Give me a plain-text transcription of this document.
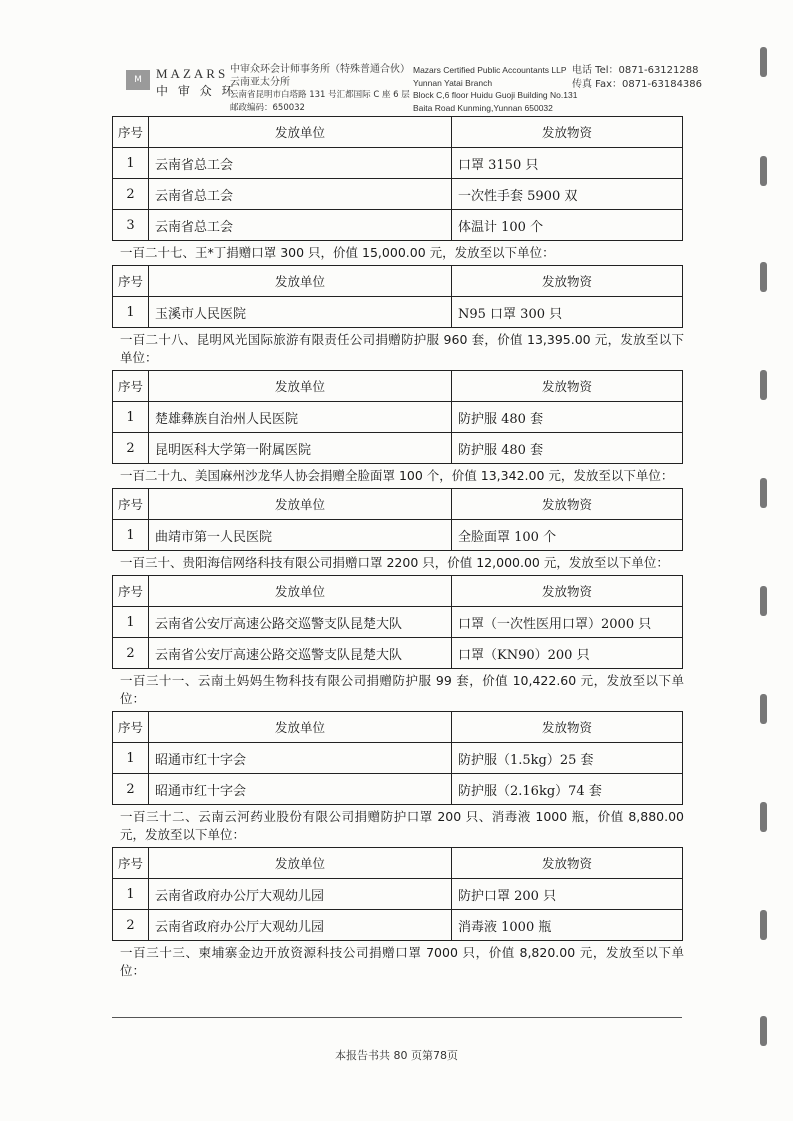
M	MAZARS
中 审 众 环
中审众环会计师事务所（特殊普通合伙）
云南亚太分所
云南省昆明市白塔路 131 号汇都国际 C 座 6 层
邮政编码：650032
Mazars Certified Public Accountants LLP
Yunnan Yatai Branch
Block C,6 floor Huidu Guoji Building No.131
Baita Road Kunming,Yunnan 650032
电话 Tel：0871-63121288
传真 Fax：0871-63184386
序号	发放单位	发放物资
1	云南省总工会	口罩 3150 只
2	云南省总工会	一次性手套 5900 双
3	云南省总工会	体温计 100 个
一百二十七、王*丁捐赠口罩 300 只，价值 15,000.00 元，发放至以下单位：
序号	发放单位	发放物资
1	玉溪市人民医院	N95 口罩 300 只
一百二十八、昆明风光国际旅游有限责任公司捐赠防护服 960 套，价值 13,395.00 元，发放至以下单位：
序号	发放单位	发放物资
1	楚雄彝族自治州人民医院	防护服 480 套
2	昆明医科大学第一附属医院	防护服 480 套
一百二十九、美国麻州沙龙华人协会捐赠全脸面罩 100 个，价值 13,342.00 元，发放至以下单位：
序号	发放单位	发放物资
1	曲靖市第一人民医院	全脸面罩 100 个
一百三十、贵阳海信网络科技有限公司捐赠口罩 2200 只，价值 12,000.00 元，发放至以下单位：
序号	发放单位	发放物资
1	云南省公安厅高速公路交巡警支队昆楚大队	口罩（一次性医用口罩）2000 只
2	云南省公安厅高速公路交巡警支队昆楚大队	口罩（KN90）200 只
一百三十一、云南土妈妈生物科技有限公司捐赠防护服 99 套，价值 10,422.60 元，发放至以下单位：
序号	发放单位	发放物资
1	昭通市红十字会	防护服（1.5kg）25 套
2	昭通市红十字会	防护服（2.16kg）74 套
一百三十二、云南云河药业股份有限公司捐赠防护口罩 200 只、消毒液 1000 瓶，价值 8,880.00 元，发放至以下单位：
序号	发放单位	发放物资
1	云南省政府办公厅大观幼儿园	防护口罩 200 只
2	云南省政府办公厅大观幼儿园	消毒液 1000 瓶
一百三十三、柬埔寨金边开放资源科技公司捐赠口罩 7000 只，价值 8,820.00 元，发放至以下单位：
本报告书共 80 页第78页
